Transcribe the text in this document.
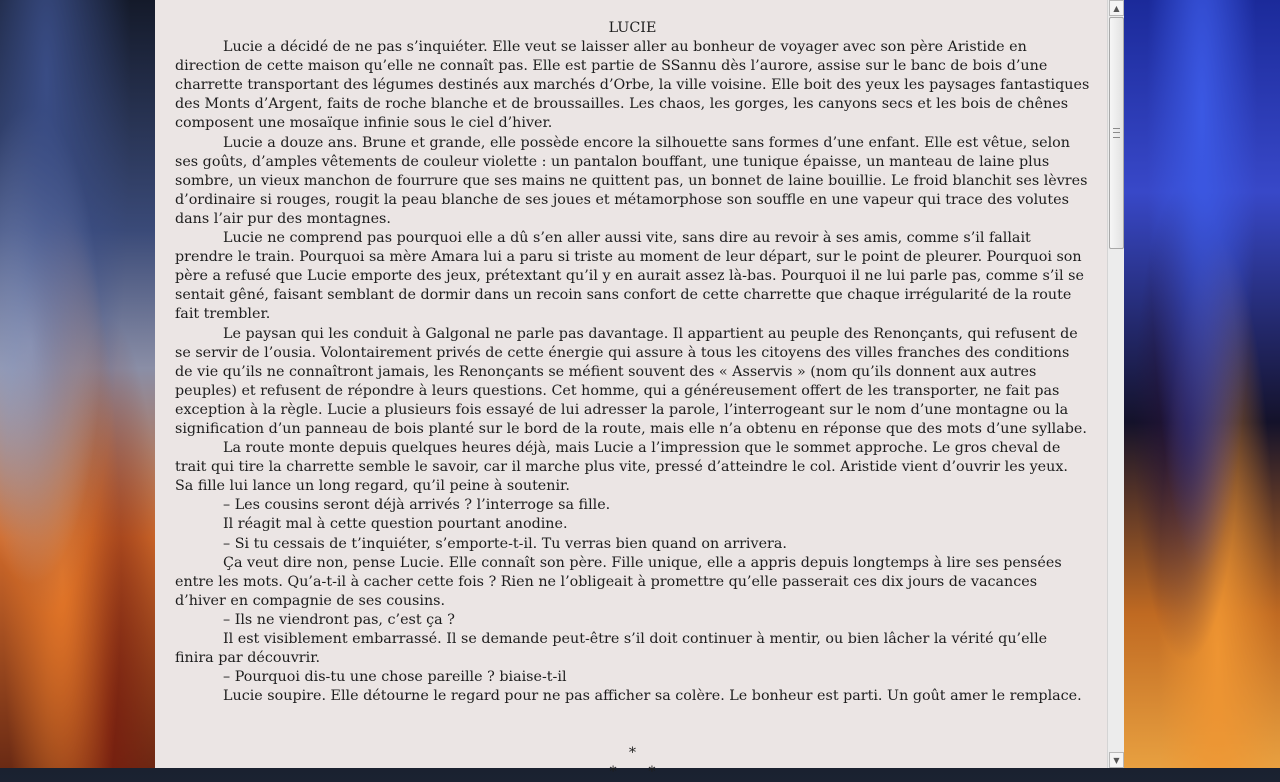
LUCIE

Lucie a décidé de ne pas s’inquiéter. Elle veut se laisser aller au bonheur de voyager avec son père Aristide en direction de cette maison qu’elle ne connaît pas. Elle est partie de SSannu dès l’aurore, assise sur le banc de bois d’une charrette transportant des légumes destinés aux marchés d’Orbe, la ville voisine. Elle boit des yeux les paysages fantastiques des Monts d’Argent, faits de roche blanche et de broussailles. Les chaos, les gorges, les canyons secs et les bois de chênes composent une mosaïque infinie sous le ciel d’hiver.

Lucie a douze ans. Brune et grande, elle possède encore la silhouette sans formes d’une enfant. Elle est vêtue, selon ses goûts, d’amples vêtements de couleur violette : un pantalon bouffant, une tunique épaisse, un manteau de laine plus sombre, un vieux manchon de fourrure que ses mains ne quittent pas, un bonnet de laine bouillie. Le froid blanchit ses lèvres d’ordinaire si rouges, rougit la peau blanche de ses joues et métamorphose son souffle en une vapeur qui trace des volutes dans l’air pur des montagnes.

Lucie ne comprend pas pourquoi elle a dû s’en aller aussi vite, sans dire au revoir à ses amis, comme s’il fallait prendre le train. Pourquoi sa mère Amara lui a paru si triste au moment de leur départ, sur le point de pleurer. Pourquoi son père a refusé que Lucie emporte des jeux, prétextant qu’il y en aurait assez là-bas. Pourquoi il ne lui parle pas, comme s’il se sentait gêné, faisant semblant de dormir dans un recoin sans confort de cette charrette que chaque irrégularité de la route fait trembler.

Le paysan qui les conduit à Galgonal ne parle pas davantage. Il appartient au peuple des Renonçants, qui refusent de se servir de l’ousia. Volontairement privés de cette énergie qui assure à tous les citoyens des villes franches des conditions de vie qu’ils ne connaîtront jamais, les Renonçants se méfient souvent des « Asservis » (nom qu’ils donnent aux autres peuples) et refusent de répondre à leurs questions. Cet homme, qui a généreusement offert de les transporter, ne fait pas exception à la règle. Lucie a plusieurs fois essayé de lui adresser la parole, l’interrogeant sur le nom d’une montagne ou la signification d’un panneau de bois planté sur le bord de la route, mais elle n’a obtenu en réponse que des mots d’une syllabe.

La route monte depuis quelques heures déjà, mais Lucie a l’impression que le sommet approche. Le gros cheval de trait qui tire la charrette semble le savoir, car il marche plus vite, pressé d’atteindre le col. Aristide vient d’ouvrir les yeux. Sa fille lui lance un long regard, qu’il peine à soutenir.

– Les cousins seront déjà arrivés ? l’interroge sa fille.

Il réagit mal à cette question pourtant anodine.

– Si tu cessais de t’inquiéter, s’emporte-t-il. Tu verras bien quand on arrivera.

Ça veut dire non, pense Lucie. Elle connaît son père. Fille unique, elle a appris depuis longtemps à lire ses pensées entre les mots. Qu’a-t-il à cacher cette fois ? Rien ne l’obligeait à promettre qu’elle passerait ces dix jours de vacances d’hiver en compagnie de ses cousins.

– Ils ne viendront pas, c’est ça ?

Il est visiblement embarrassé. Il se demande peut-être s’il doit continuer à mentir, ou bien lâcher la vérité qu’elle finira par découvrir.

– Pourquoi dis-tu une chose pareille ? biaise-t-il

Lucie soupire. Elle détourne le regard pour ne pas afficher sa colère. Le bonheur est parti. Un goût amer le remplace.

*

*       *

▲
▼
